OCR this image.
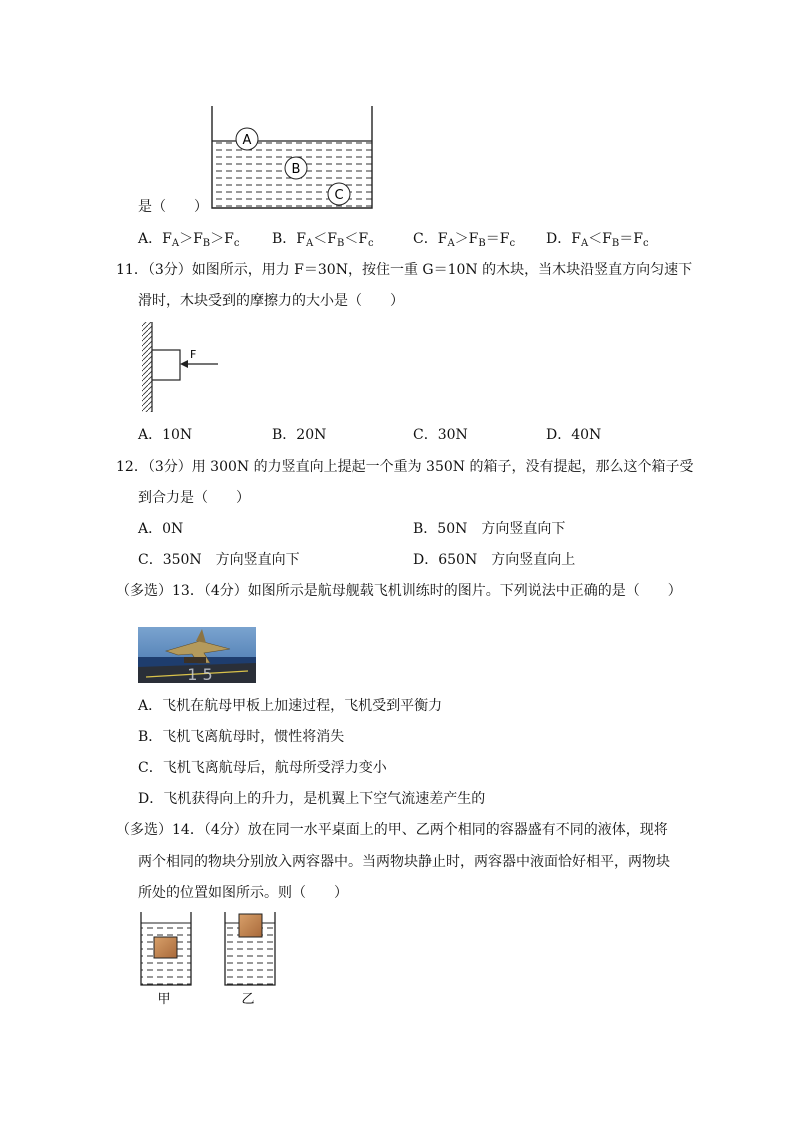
A
B
C
是（　　）
A．$F_A>F_B>F_c$ B．$F_A<F_B<F_c$	C．$F_A>F_B=F_c$ D．$F_A<F_B=F_c$
11．（3分）如图所示，用力 F＝30N，按住一重 G＝10N 的木块，当木块沿竖直方向匀速下
滑时，木块受到的摩擦力的大小是（　　）
F
A．10N	B．20N	C．30N	D．40N
12．（3分）用 300N 的力竖直向上提起一个重为 350N 的箱子，没有提起，那么这个箱子受
到合力是（　　）
A．0N	B．50N　方向竖直向下
C．350N　方向竖直向下	D．650N　方向竖直向上
（多选）13．（4分）如图所示是航母舰载飞机训练时的图片。下列说法中正确的是（　　）
1 5
A．飞机在航母甲板上加速过程，飞机受到平衡力
B．飞机飞离航母时，惯性将消失
C．飞机飞离航母后，航母所受浮力变小
D．飞机获得向上的升力，是机翼上下空气流速差产生的
（多选）14．（4分）放在同一水平桌面上的甲、乙两个相同的容器盛有不同的液体，现将
两个相同的物块分别放入两容器中。当两物块静止时，两容器中液面恰好相平，两物块
所处的位置如图所示。则（　　）
甲	乙
